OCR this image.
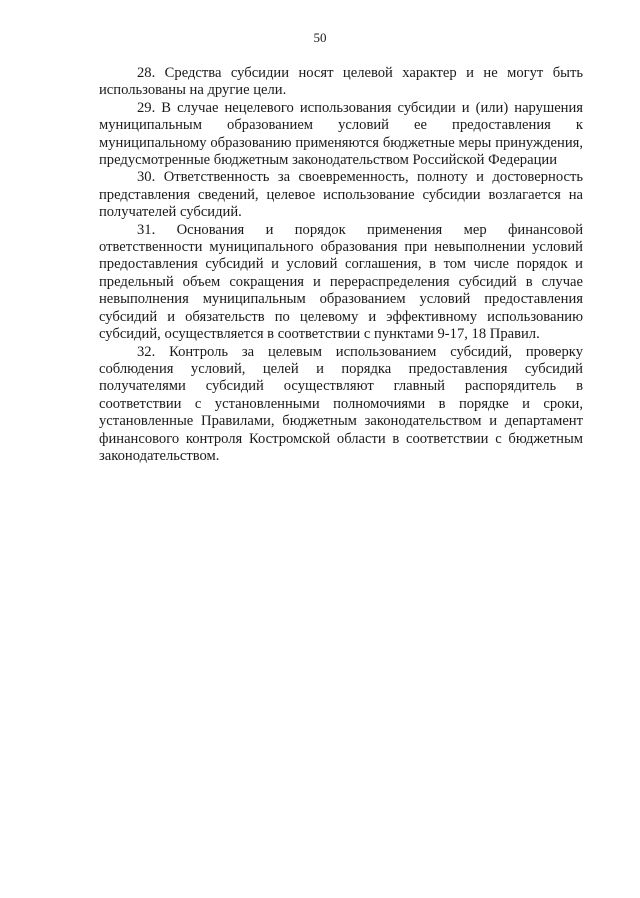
50

28. Средства субсидии носят целевой характер и не могут быть использованы на другие цели.

29. В случае нецелевого использования субсидии и (или) нарушения муниципальным образованием условий ее предоставления к муниципальному образованию применяются бюджетные меры принуждения, предусмотренные бюджетным законодательством Российской Федерации

30. Ответственность за своевременность, полноту и достоверность представления сведений, целевое использование субсидии возлагается на получателей субсидий.

31. Основания и порядок применения мер финансовой ответственности муниципального образования при невыполнении условий предоставления субсидий и условий соглашения, в том числе порядок и предельный объем сокращения и перераспределения субсидий в случае невыполнения муниципальным образованием условий предоставления субсидий и обязательств по целевому и эффективному использованию субсидий, осуществляется в соответствии с пунктами 9-17, 18 Правил.

32. Контроль за целевым использованием субсидий, проверку соблюдения условий, целей и порядка предоставления субсидий получателями субсидий осуществляют главный распорядитель в соответствии с установленными полномочиями в порядке и сроки, установленные Правилами, бюджетным законодательством и департамент финансового контроля Костромской области в соответствии с бюджетным законодательством.
